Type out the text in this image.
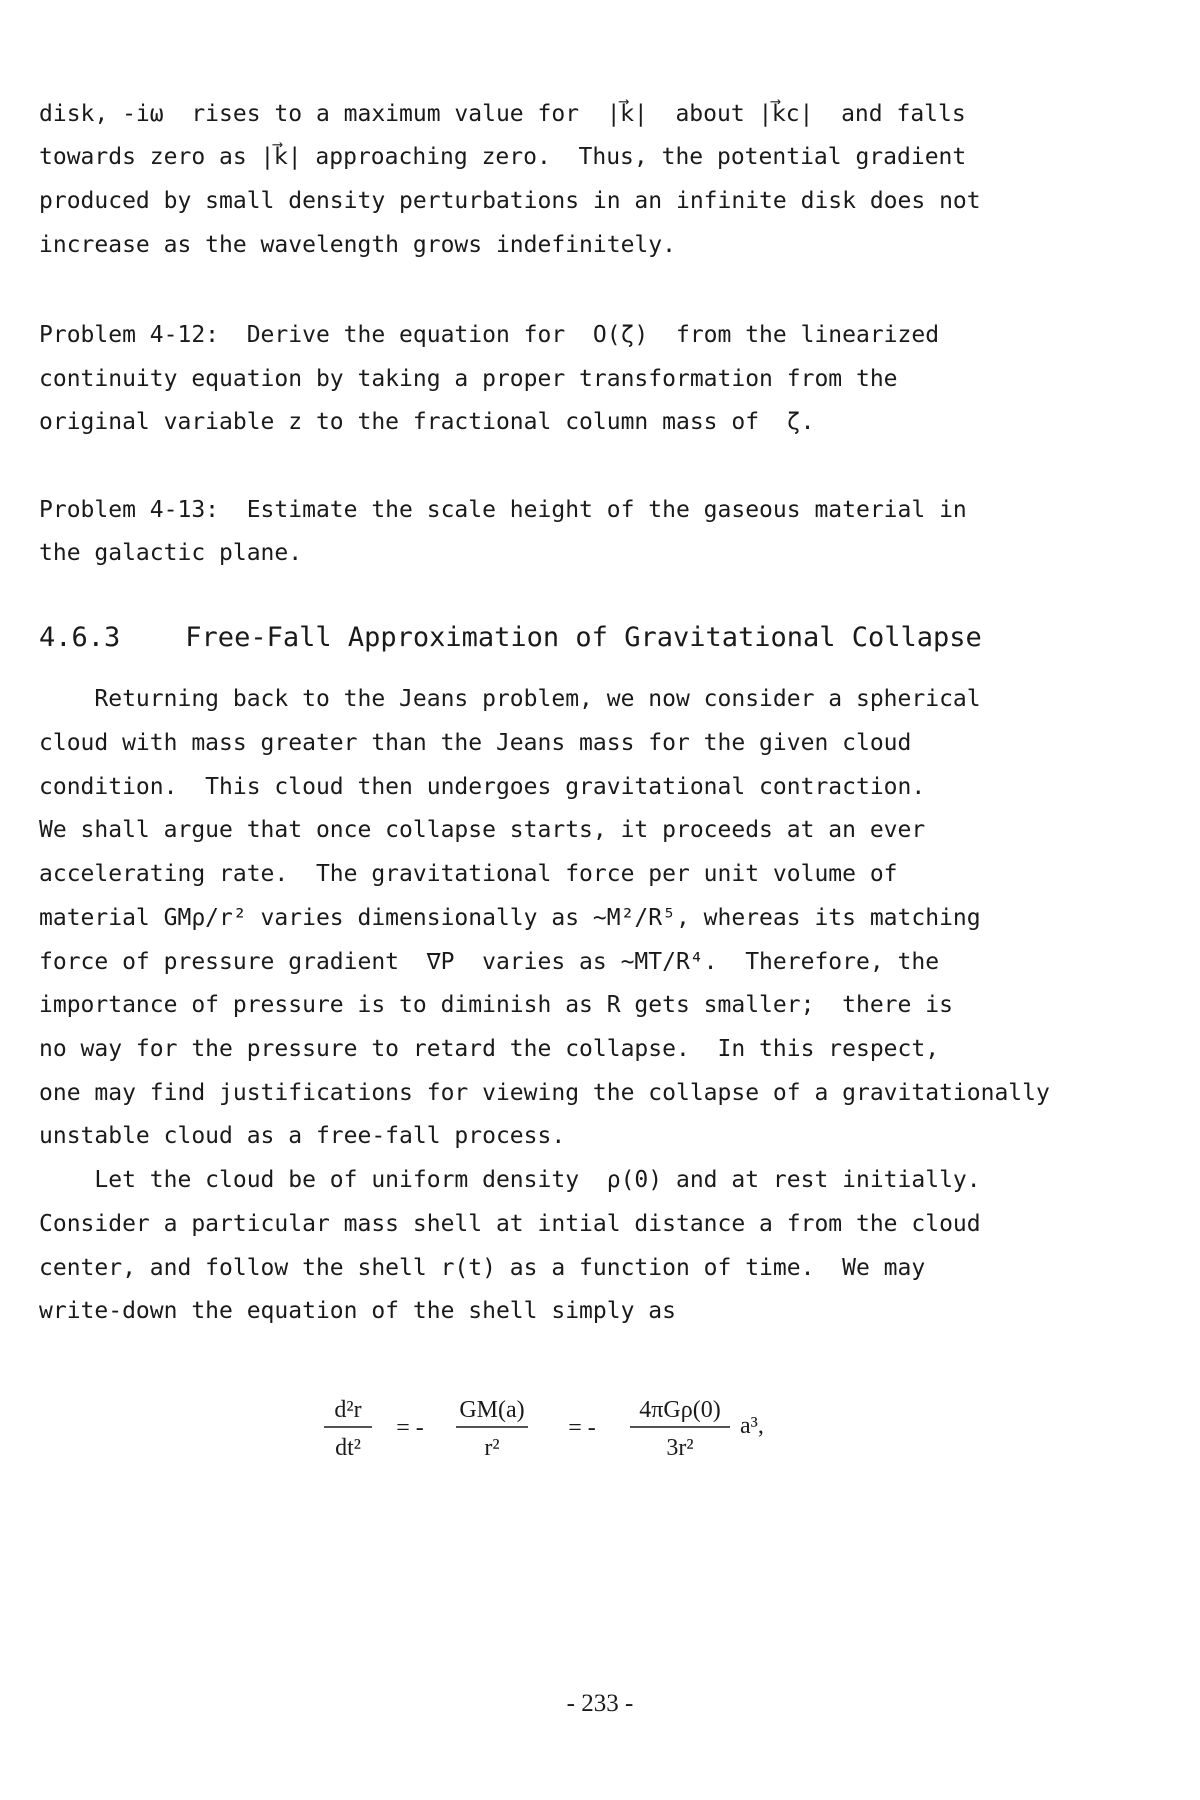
disk, -iω  rises to a maximum value for  |k⃗|  about |k⃗c|  and falls

towards zero as |k⃗| approaching zero.  Thus, the potential gradient

produced by small density perturbations in an infinite disk does not

increase as the wavelength grows indefinitely.

Problem 4-12:  Derive the equation for  O(ζ)  from the linearized

continuity equation by taking a proper transformation from the

original variable z to the fractional column mass of  ζ.

Problem 4-13:  Estimate the scale height of the gaseous material in

the galactic plane.

4.6.3    Free-Fall Approximation of Gravitational Collapse

Returning back to the Jeans problem, we now consider a spherical

cloud with mass greater than the Jeans mass for the given cloud

condition.  This cloud then undergoes gravitational contraction.

We shall argue that once collapse starts, it proceeds at an ever

accelerating rate.  The gravitational force per unit volume of

material GMρ/r² varies dimensionally as ~M²/R⁵, whereas its matching

force of pressure gradient  ∇P  varies as ~MT/R⁴.  Therefore, the

importance of pressure is to diminish as R gets smaller;  there is

no way for the pressure to retard the collapse.  In this respect,

one may find justifications for viewing the collapse of a gravitationally

unstable cloud as a free-fall process.

Let the cloud be of uniform density  ρ(0) and at rest initially.

Consider a particular mass shell at intial distance a from the cloud

center, and follow the shell r(t) as a function of time.  We may

write-down the equation of the shell simply as

d²r
dt²
= -
GM(a)
r²
= -
4πGρ(0)
3r²
a³,

- 233 -
